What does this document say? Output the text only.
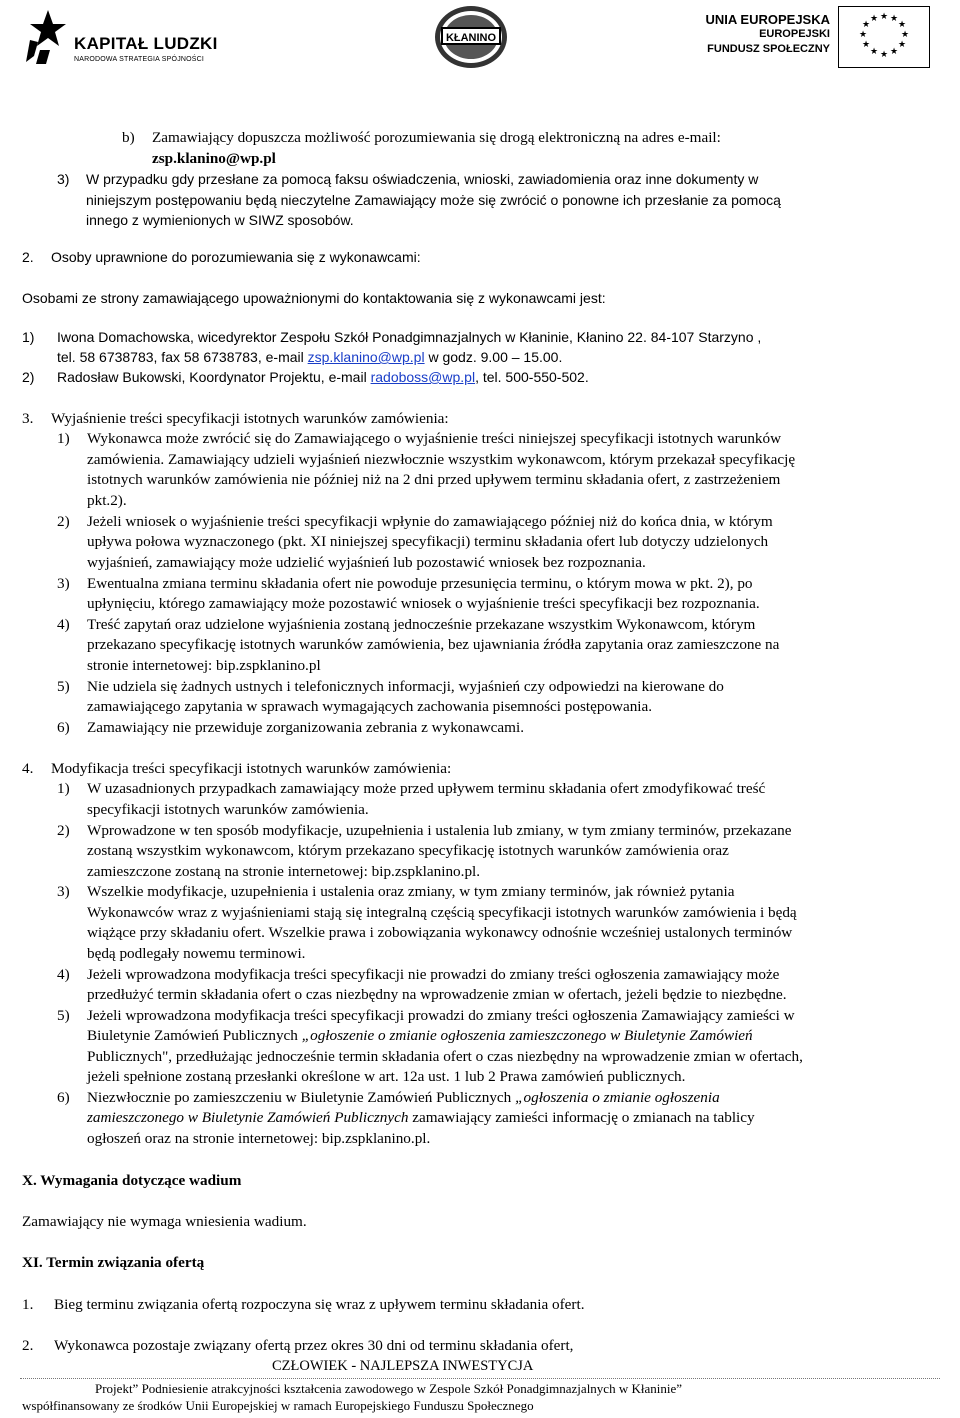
KAPITAŁ LUDZKI
NARODOWA STRATEGIA SPÓJNOŚCI
KŁANINO
UNIA EUROPEJSKA
EUROPEJSKI
FUNDUSZ SPOŁECZNY
★ ★
★
★
★
★
★
★
★
★
★
★
b) Zamawiający dopuszcza możliwość porozumiewania się drogą elektroniczną na adres e-mail:
zsp.klanino@wp.pl
3) W przypadku gdy przesłane za pomocą faksu oświadczenia, wnioski, zawiadomienia oraz inne dokumenty w
niniejszym postępowaniu będą nieczytelne Zamawiający może się zwrócić o ponowne ich przesłanie za pomocą
innego z wymienionych w SIWZ sposobów.
2. Osoby uprawnione do porozumiewania się z wykonawcami:
Osobami ze strony zamawiającego upoważnionymi do kontaktowania się z wykonawcami jest:
1) Iwona Domachowska, wicedyrektor Zespołu Szkół Ponadgimnazjalnych w Kłaninie, Kłanino 22. 84-107 Starzyno ,
tel. 58 6738783, fax 58 6738783, e-mail zsp.klanino@wp.pl w godz. 9.00 – 15.00.
2) Radosław Bukowski, Koordynator Projektu, e-mail radoboss@wp.pl, tel. 500-550-502.
3. Wyjaśnienie treści specyfikacji istotnych warunków zamówienia:
1) Wykonawca może zwrócić się do Zamawiającego o wyjaśnienie treści niniejszej specyfikacji istotnych warunków
zamówienia. Zamawiający udzieli wyjaśnień niezwłocznie wszystkim wykonawcom, którym przekazał specyfikację
istotnych warunków zamówienia nie później niż na 2 dni przed upływem terminu składania ofert, z zastrzeżeniem
pkt.2).
2) Jeżeli wniosek o wyjaśnienie treści specyfikacji wpłynie do zamawiającego później niż do końca dnia, w którym
upływa połowa wyznaczonego (pkt. XI niniejszej specyfikacji) terminu składania ofert lub dotyczy udzielonych
wyjaśnień, zamawiający może udzielić wyjaśnień lub pozostawić wniosek bez rozpoznania.
3) Ewentualna zmiana terminu składania ofert nie powoduje przesunięcia terminu, o którym mowa w pkt. 2), po
upłynięciu, którego zamawiający może pozostawić wniosek o wyjaśnienie treści specyfikacji bez rozpoznania.
4) Treść zapytań oraz udzielone wyjaśnienia zostaną jednocześnie przekazane wszystkim Wykonawcom, którym
przekazano specyfikację istotnych warunków zamówienia, bez ujawniania źródła zapytania oraz zamieszczone na
stronie internetowej: bip.zspklanino.pl
5) Nie udziela się żadnych ustnych i telefonicznych informacji, wyjaśnień czy odpowiedzi na kierowane do
zamawiającego zapytania w sprawach wymagających zachowania pisemności postępowania.
6) Zamawiający nie przewiduje zorganizowania zebrania z wykonawcami.
4. Modyfikacja treści specyfikacji istotnych warunków zamówienia:
1) W uzasadnionych przypadkach zamawiający może przed upływem terminu składania ofert zmodyfikować treść
specyfikacji istotnych warunków zamówienia.
2) Wprowadzone w ten sposób modyfikacje, uzupełnienia i ustalenia lub zmiany, w tym zmiany terminów, przekazane
zostaną wszystkim wykonawcom, którym przekazano specyfikację istotnych warunków zamówienia oraz
zamieszczone zostaną na stronie internetowej: bip.zspklanino.pl.
3) Wszelkie modyfikacje, uzupełnienia i ustalenia oraz zmiany, w tym zmiany terminów, jak również pytania
Wykonawców wraz z wyjaśnieniami stają się integralną częścią specyfikacji istotnych warunków zamówienia i będą
wiążące przy składaniu ofert. Wszelkie prawa i zobowiązania wykonawcy odnośnie wcześniej ustalonych terminów
będą podlegały nowemu terminowi.
4) Jeżeli wprowadzona modyfikacja treści specyfikacji nie prowadzi do zmiany treści ogłoszenia zamawiający może
przedłużyć termin składania ofert o czas niezbędny na wprowadzenie zmian w ofertach, jeżeli będzie to niezbędne.
5) Jeżeli wprowadzona modyfikacja treści specyfikacji prowadzi do zmiany treści ogłoszenia Zamawiający zamieści w
Biuletynie Zamówień Publicznych „ogłoszenie o zmianie ogłoszenia zamieszczonego w Biuletynie Zamówień
Publicznych", przedłużając jednocześnie termin składania ofert o czas niezbędny na wprowadzenie zmian w ofertach,
jeżeli spełnione zostaną przesłanki określone w art. 12a ust. 1 lub 2 Prawa zamówień publicznych.
6) Niezwłocznie po zamieszczeniu w Biuletynie Zamówień Publicznych „ogłoszenia o zmianie ogłoszenia
zamieszczonego w Biuletynie Zamówień Publicznych zamawiający zamieści informację o zmianach na tablicy
ogłoszeń oraz na stronie internetowej: bip.zspklanino.pl.
X. Wymagania dotyczące wadium
Zamawiający nie wymaga wniesienia wadium.
XI. Termin związania ofertą
1. Bieg terminu związania ofertą rozpoczyna się wraz z upływem terminu składania ofert.
2. Wykonawca pozostaje związany ofertą przez okres 30 dni od terminu składania ofert,
CZŁOWIEK - NAJLEPSZA INWESTYCJA
Projekt” Podniesienie atrakcyjności kształcenia zawodowego w Zespole Szkół Ponadgimnazjalnych w Kłaninie”
współfinansowany ze środków Unii Europejskiej w ramach Europejskiego Funduszu Społecznego
